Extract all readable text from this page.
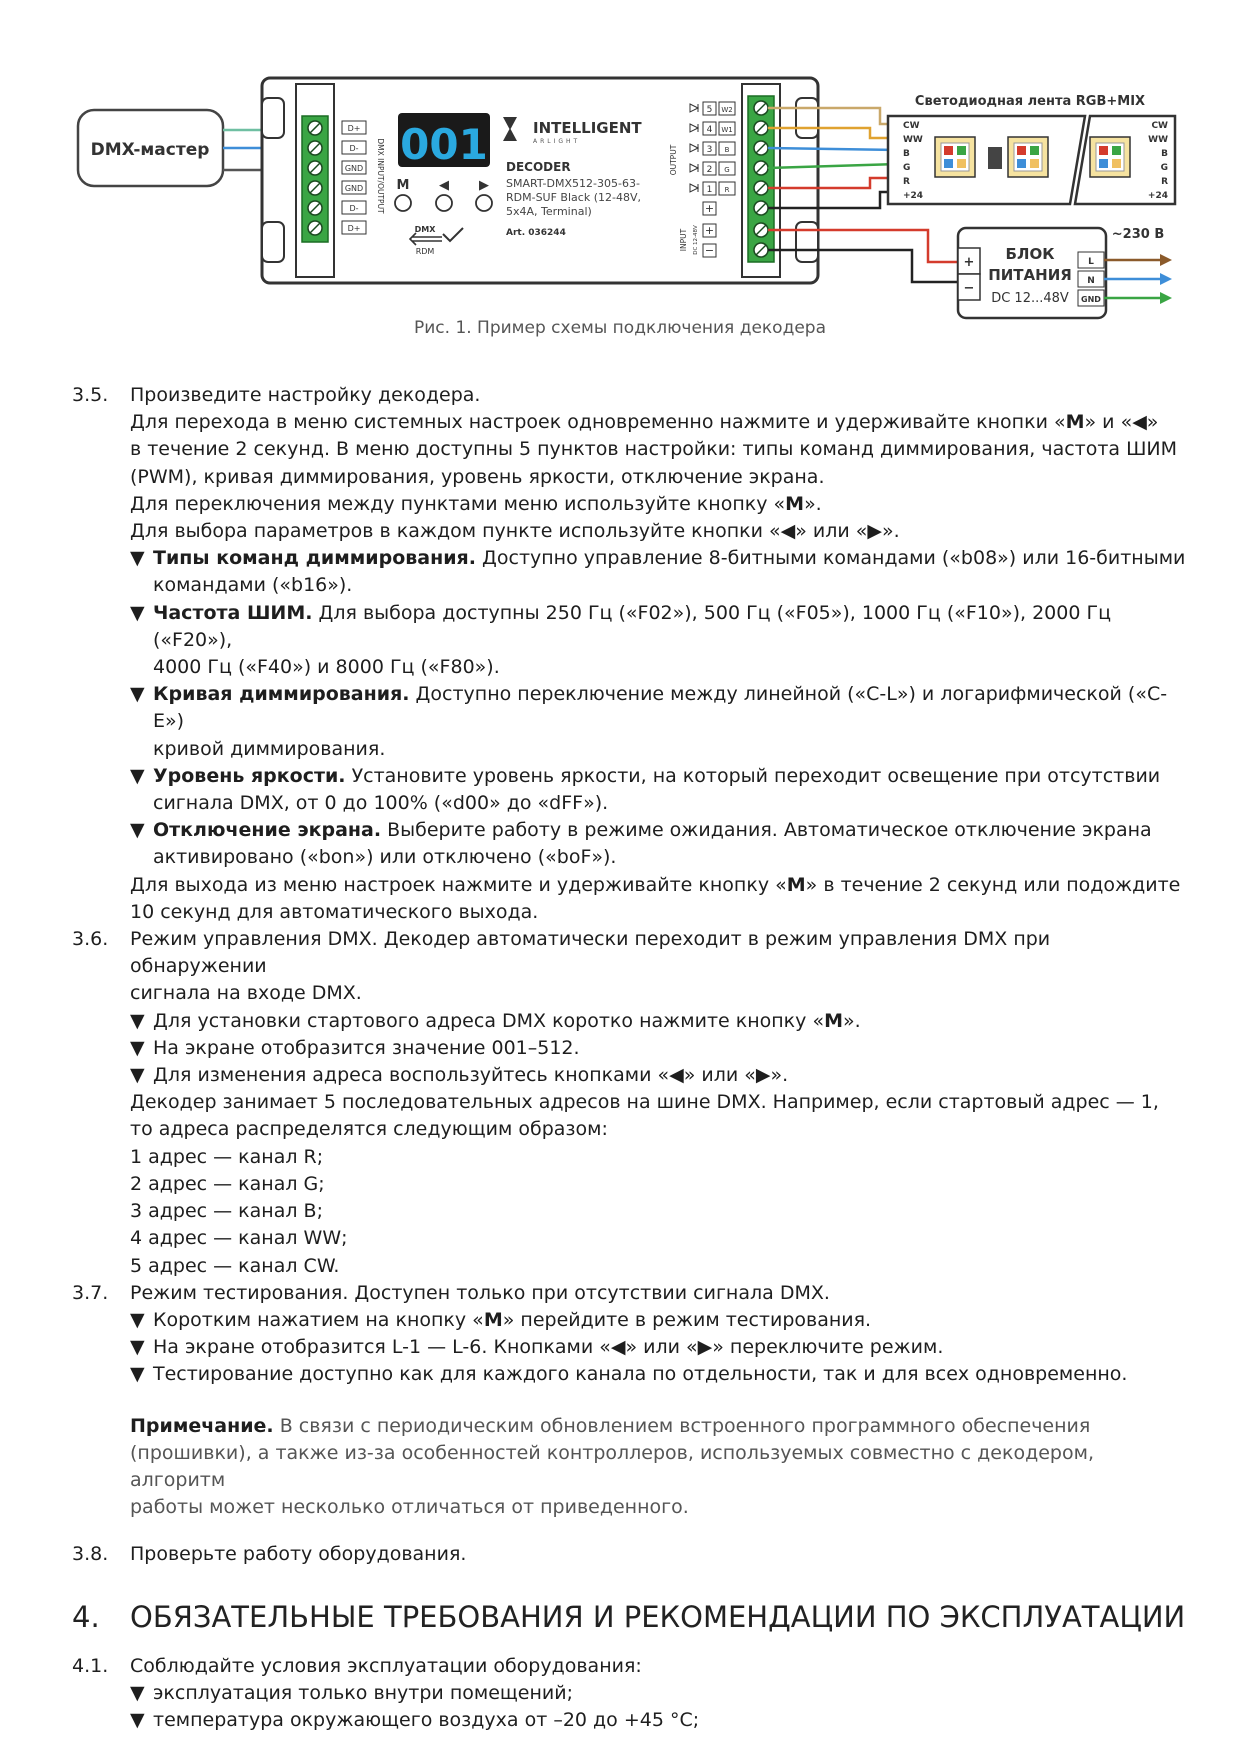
DMX-мастер
D+
D-
GND
GND
D-
D+
DMX INPUT/OUTPUT 001
M ◀ ▶
DMX
RDM
INTELLIGENT
ARLIGHT
DECODER
SMART-DMX512-305-63-
RDM-SUF Black (12-48V,
5x4A, Terminal)
Art. 036244
OUTPUT
INPUT DC 12-48V
5 W2
4 W1
3 B
2 G
1 R
+
+
−
Светодиодная лента RGB+MIX
CW
WW
B
G
R
+24
CW
WW
B
G
R
+24
~230 В
+
−
БЛОК
ПИТАНИЯ
DC 12...48V
L
N
GND
Рис. 1. Пример схемы подключения декодера
3.5.	Произведите настройку декодера.

Для перехода в меню системных настроек одновременно нажмите и удерживайте кнопки «M» и «◀»

в течение 2 секунд. В меню доступны 5 пунктов настройки: типы команд диммирования, частота ШИМ

(PWM), кривая диммирования, уровень яркости, отключение экрана.

Для переключения между пунктами меню используйте кнопку «M».

Для выбора параметров в каждом пункте используйте кнопки «◀» или «▶».

▼ Типы команд диммирования. Доступно управление 8-битными командами («b08») или 16-битными
командами («b16»).
▼ Частота ШИМ. Для выбора доступны 250 Гц («F02»), 500 Гц («F05»), 1000 Гц («F10»), 2000 Гц («F20»),
4000 Гц («F40») и 8000 Гц («F80»).
▼ Кривая диммирования. Доступно переключение между линейной («C-L») и логарифмической («C-E»)
кривой диммирования.
▼ Уровень яркости. Установите уровень яркости, на который переходит освещение при отсутствии
сигнала DMX, от 0 до 100% («d00» до «dFF»).
▼ Отключение экрана. Выберите работу в режиме ожидания. Автоматическое отключение экрана
активировано («bon») или отключено («boF»).

Для выхода из меню настроек нажмите и удерживайте кнопку «M» в течение 2 секунд или подождите

10 секунд для автоматического выхода.

3.6.	Режим управления DMX. Декодер автоматически переходит в режим управления DMX при обнаружении

сигнала на входе DMX.

▼ Для установки стартового адреса DMX коротко нажмите кнопку «M».
▼ На экране отобразится значение 001–512.
▼ Для изменения адреса воспользуйтесь кнопками «◀» или «▶».

Декодер занимает 5 последовательных адресов на шине DMX. Например, если стартовый адрес — 1,

то адреса распределятся следующим образом:

1 адрес — канал R;

2 адрес — канал G;

3 адрес — канал B;

4 адрес — канал WW;

5 адрес — канал CW.

3.7.	Режим тестирования. Доступен только при отсутствии сигнала DMX.

▼ Коротким нажатием на кнопку «M» перейдите в режим тестирования.
▼ На экране отобразится L-1 — L-6. Кнопками «◀» или «▶» переключите режим.
▼ Тестирование доступно как для каждого канала по отдельности, так и для всех одновременно.
Примечание. В связи с периодическим обновлением встроенного программного обеспечения
(прошивки), а также из-за особенностей контроллеров, используемых совместно с декодером, алгоритм
работы может несколько отличаться от приведенного.
3.8.	Проверьте работу оборудования.

4.	ОБЯЗАТЕЛЬНЫЕ ТРЕБОВАНИЯ И РЕКОМЕНДАЦИИ ПО ЭКСПЛУАТАЦИИ
4.1.	Соблюдайте условия эксплуатации оборудования:

▼ эксплуатация только внутри помещений;
▼ температура окружающего воздуха от –20 до +45 °С;
